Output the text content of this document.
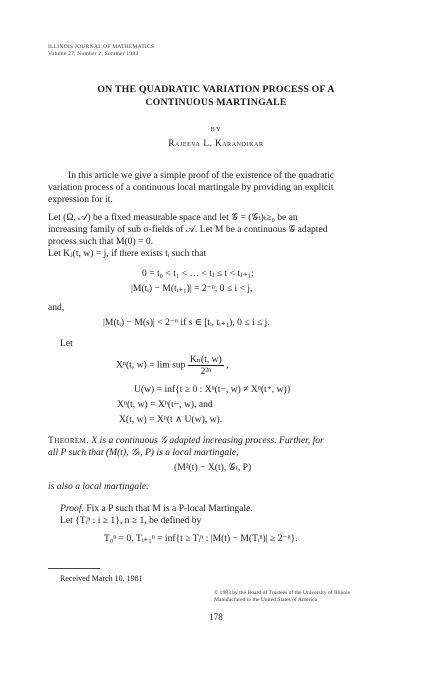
ILLINOIS JOURNAL OF MATHEMATICS
Volume 27, Number 2, Summer 1983
ON THE QUADRATIC VARIATION PROCESS OF A
CONTINUOUS MARTINGALE
BY
Rajeeva L. Karandikar
In this article we give a simple proof of the existence of the quadratic
variation process of a continuous local martingale by providing an explicit
expression for it.
Let (Ω, 𝒜) be a fixed measurable space and let 𝒢 = (𝒢ₜ)ₜ≥₀ be an
increasing family of sub σ-fields of 𝒜. Let M be a continuous 𝒢 adapted
process such that M(0) = 0.
Let Kⱼ(t, w) = j, if there exists tᵢ such that
0 = t₀ < t₁ < … < tⱼ ≤ t < tⱼ₊₁;
|M(tᵢ) − M(tᵢ₊₁)| = 2⁻ⁿ, 0 ≤ i < j,
and,
|M(tᵢ) − M(s)| < 2⁻ⁿ if s ∈ [tᵢ, tᵢ₊₁), 0 ≤ i ≤ j.
Let
Xⁿ(t, w) = lim sup $\frac{\text{Kₙ(t, w)}}{\text{2²ⁿ}}$ ,
U(w) = inf{t ≥ 0 : Xⁿ(t−, w) ≠ Xⁿ(t⁺, w)}
Xⁿ(t, w) = Xⁿ(t−, w), and
X(t, w) = Xⁿ(t ∧ U(w), w).
Theorem. X is a continuous 𝒢 adapted increasing process. Further, for
all P such that (M(t), 𝒢ₜ, P) is a local martingale,
(M²(t) − X(t), 𝒢ₜ, P)
is also a local martingale.
Proof. Fix a P such that M is a P-local Martingale.
Let {Tᵢⁿ : i ≥ 1}, n ≥ 1, be defined by
T₀ⁿ = 0, Tᵢ₊₁ⁿ = inf{t ≥ Tᵢⁿ : |M(t) − M(Tᵢⁿ)| ≥ 2⁻ⁿ}.
Received March 10, 1981
© 1983 by the Board of Trustees of the University of Illinois
Manufactured in the United States of America
178
